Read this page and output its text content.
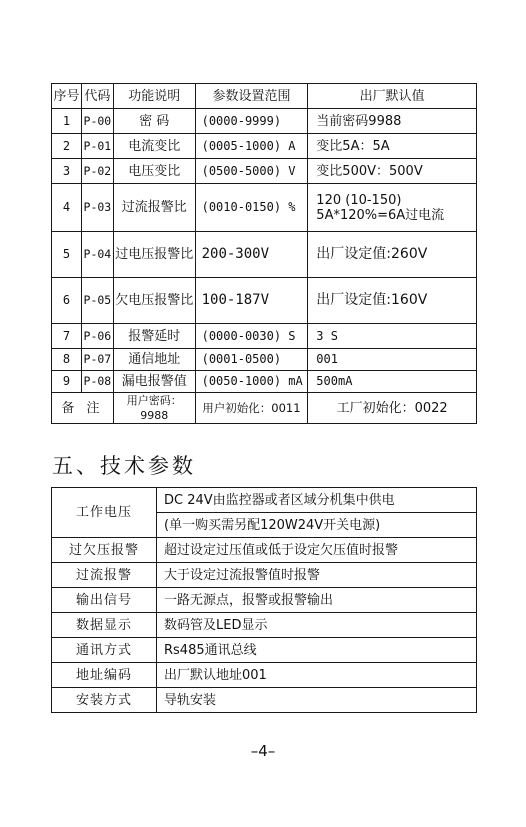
序号	代码	功能说明	参数设置范围	出厂默认值
1	P-00	密 码	(0000-9999)	当前密码9988
2	P-01	电流变比	(0005-1000) A	变比5A：5A
3	P-02	电压变比	(0500-5000) V	变比500V：500V
4	P-03	过流报警比	(0010-0150) %	120 (10-150)
5A*120%=6A过电流

5	P-04	过电压报警比	200-300V	出厂设定值:260V
6	P-05	欠电压报警比	100-187V	出厂设定值:160V
7	P-06	报警延时	(0000-0030) S	3 S
8	P-07	通信地址	(0001-0500)	001
9	P-08	漏电报警值	(0050-1000) mA	500mA
备 注		用户密码：9988	用户初始化：0011	工厂初始化：0022
五、技术参数
工作电压	DC 24V由监控器或者区域分机集中供电
	(单一购买需另配120W24V开关电源)
过欠压报警	超过设定过压值或低于设定欠压值时报警
过流报警	大于设定过流报警值时报警
输出信号	一路无源点，报警或报警输出
数据显示	数码管及LED显示
通讯方式	Rs485通讯总线
地址编码	出厂默认地址001
安装方式	导轨安装
–4–
